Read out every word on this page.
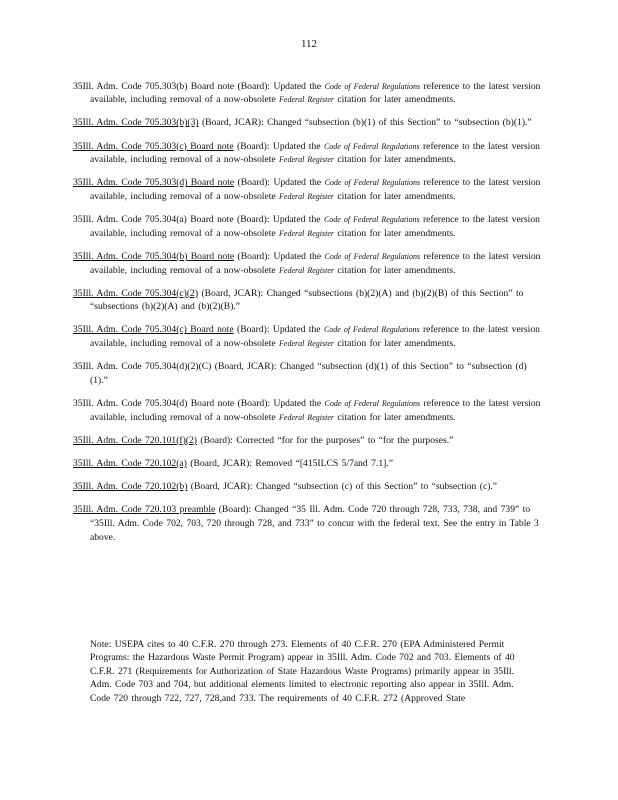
112

35Ill. Adm. Code 705.303(b) Board note (Board): Updated the Code of Federal Regulations reference to the latest version available, including removal of a now-obsolete Federal Register citation for later amendments.

35Ill. Adm. Code 705.303(b)(3) (Board, JCAR): Changed “subsection (b)(1) of this Section” to “subsection (b)(1).”

35Ill. Adm. Code 705.303(c) Board note (Board): Updated the Code of Federal Regulations reference to the latest version available, including removal of a now-obsolete Federal Register citation for later amendments.

35Ill. Adm. Code 705.303(d) Board note (Board): Updated the Code of Federal Regulations reference to the latest version available, including removal of a now-obsolete Federal Register citation for later amendments.

35Ill. Adm. Code 705.304(a) Board note (Board): Updated the Code of Federal Regulations reference to the latest version available, including removal of a now-obsolete Federal Register citation for later amendments.

35Ill. Adm. Code 705.304(b) Board note (Board): Updated the Code of Federal Regulations reference to the latest version available, including removal of a now-obsolete Federal Register citation for later amendments.

35Ill. Adm. Code 705.304(c)(2) (Board, JCAR): Changed “subsections (b)(2)(A) and (b)(2)(B) of this Section” to “subsections (b)(2)(A) and (b)(2)(B).”

35Ill. Adm. Code 705.304(c) Board note (Board): Updated the Code of Federal Regulations reference to the latest version available, including removal of a now-obsolete Federal Register citation for later amendments.

35Ill. Adm. Code 705.304(d)(2)(C) (Board, JCAR): Changed “subsection (d)(1) of this Section” to “subsection (d)(1).”

35Ill. Adm. Code 705.304(d) Board note (Board): Updated the Code of Federal Regulations reference to the latest version available, including removal of a now-obsolete Federal Register citation for later amendments.

35Ill. Adm. Code 720.101(f)(2) (Board): Corrected “for for the purposes” to “for the purposes.”

35Ill. Adm. Code 720.102(a) (Board, JCAR): Removed “[415ILCS 5/7and 7.1].”

35Ill. Adm. Code 720.102(b) (Board, JCAR): Changed “subsection (c) of this Section” to “subsection (c).”

35Ill. Adm. Code 720.103 preamble (Board): Changed “35 Ill. Adm. Code 720 through 728, 733, 738, and 739” to “35Ill. Adm. Code 702, 703, 720 through 728, and 733” to concur with the federal text. See the entry in Table 3 above.

Note: USEPA cites to 40 C.F.R. 270 through 273. Elements of 40 C.F.R. 270 (EPA Administered Permit Programs: the Hazardous Waste Permit Program) appear in 35Ill. Adm. Code 702 and 703. Elements of 40 C.F.R. 271 (Requirements for Authorization of State Hazardous Waste Programs) primarily appear in 35Ill. Adm. Code 703 and 704, but additional elements limited to electronic reporting also appear in 35Ill. Adm. Code 720 through 722, 727, 728,and 733. The requirements of 40 C.F.R. 272 (Approved State
